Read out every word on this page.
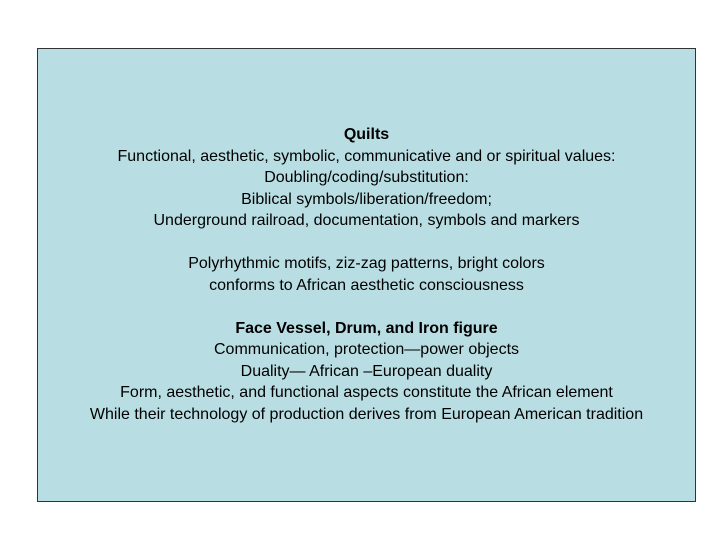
Quilts
Functional, aesthetic, symbolic, communicative and or spiritual values:
Doubling/coding/substitution:
Biblical symbols/liberation/freedom;
Underground railroad, documentation, symbols and markers
Polyrhythmic motifs, ziz-zag patterns, bright colors
conforms to African aesthetic consciousness
Face Vessel, Drum, and Iron figure
Communication, protection—power objects
Duality— African –European duality
Form, aesthetic, and functional aspects constitute the African element
While their technology of production derives from European American tradition
